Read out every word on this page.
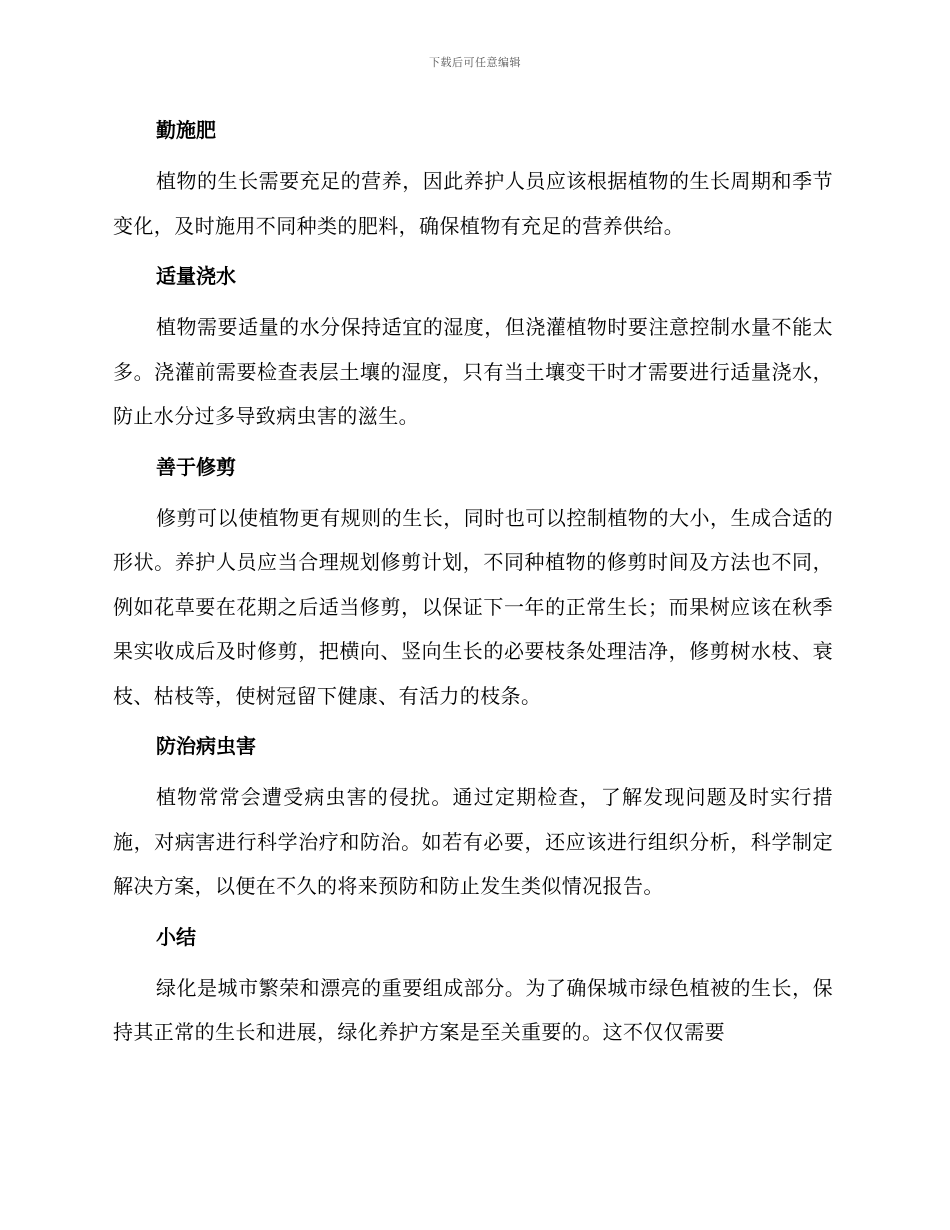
下载后可任意编辑
勤施肥

植物的生长需要充足的营养，因此养护人员应该根据植物的生长周期和季节变化，及时施用不同种类的肥料，确保植物有充足的营养供给。

适量浇水

植物需要适量的水分保持适宜的湿度，但浇灌植物时要注意控制水量不能太多。浇灌前需要检查表层土壤的湿度，只有当土壤变干时才需要进行适量浇水，防止水分过多导致病虫害的滋生。

善于修剪

修剪可以使植物更有规则的生长，同时也可以控制植物的大小，生成合适的形状。养护人员应当合理规划修剪计划，不同种植物的修剪时间及方法也不同，例如花草要在花期之后适当修剪，以保证下一年的正常生长；而果树应该在秋季果实收成后及时修剪，把横向、竖向生长的必要枝条处理洁净，修剪树水枝、衰枝、枯枝等，使树冠留下健康、有活力的枝条。

防治病虫害

植物常常会遭受病虫害的侵扰。通过定期检查，了解发现问题及时实行措施，对病害进行科学治疗和防治。如若有必要，还应该进行组织分析，科学制定解决方案，以便在不久的将来预防和防止发生类似情况报告。

小结

绿化是城市繁荣和漂亮的重要组成部分。为了确保城市绿色植被的生长，保持其正常的生长和进展，绿化养护方案是至关重要的。这不仅仅需要
